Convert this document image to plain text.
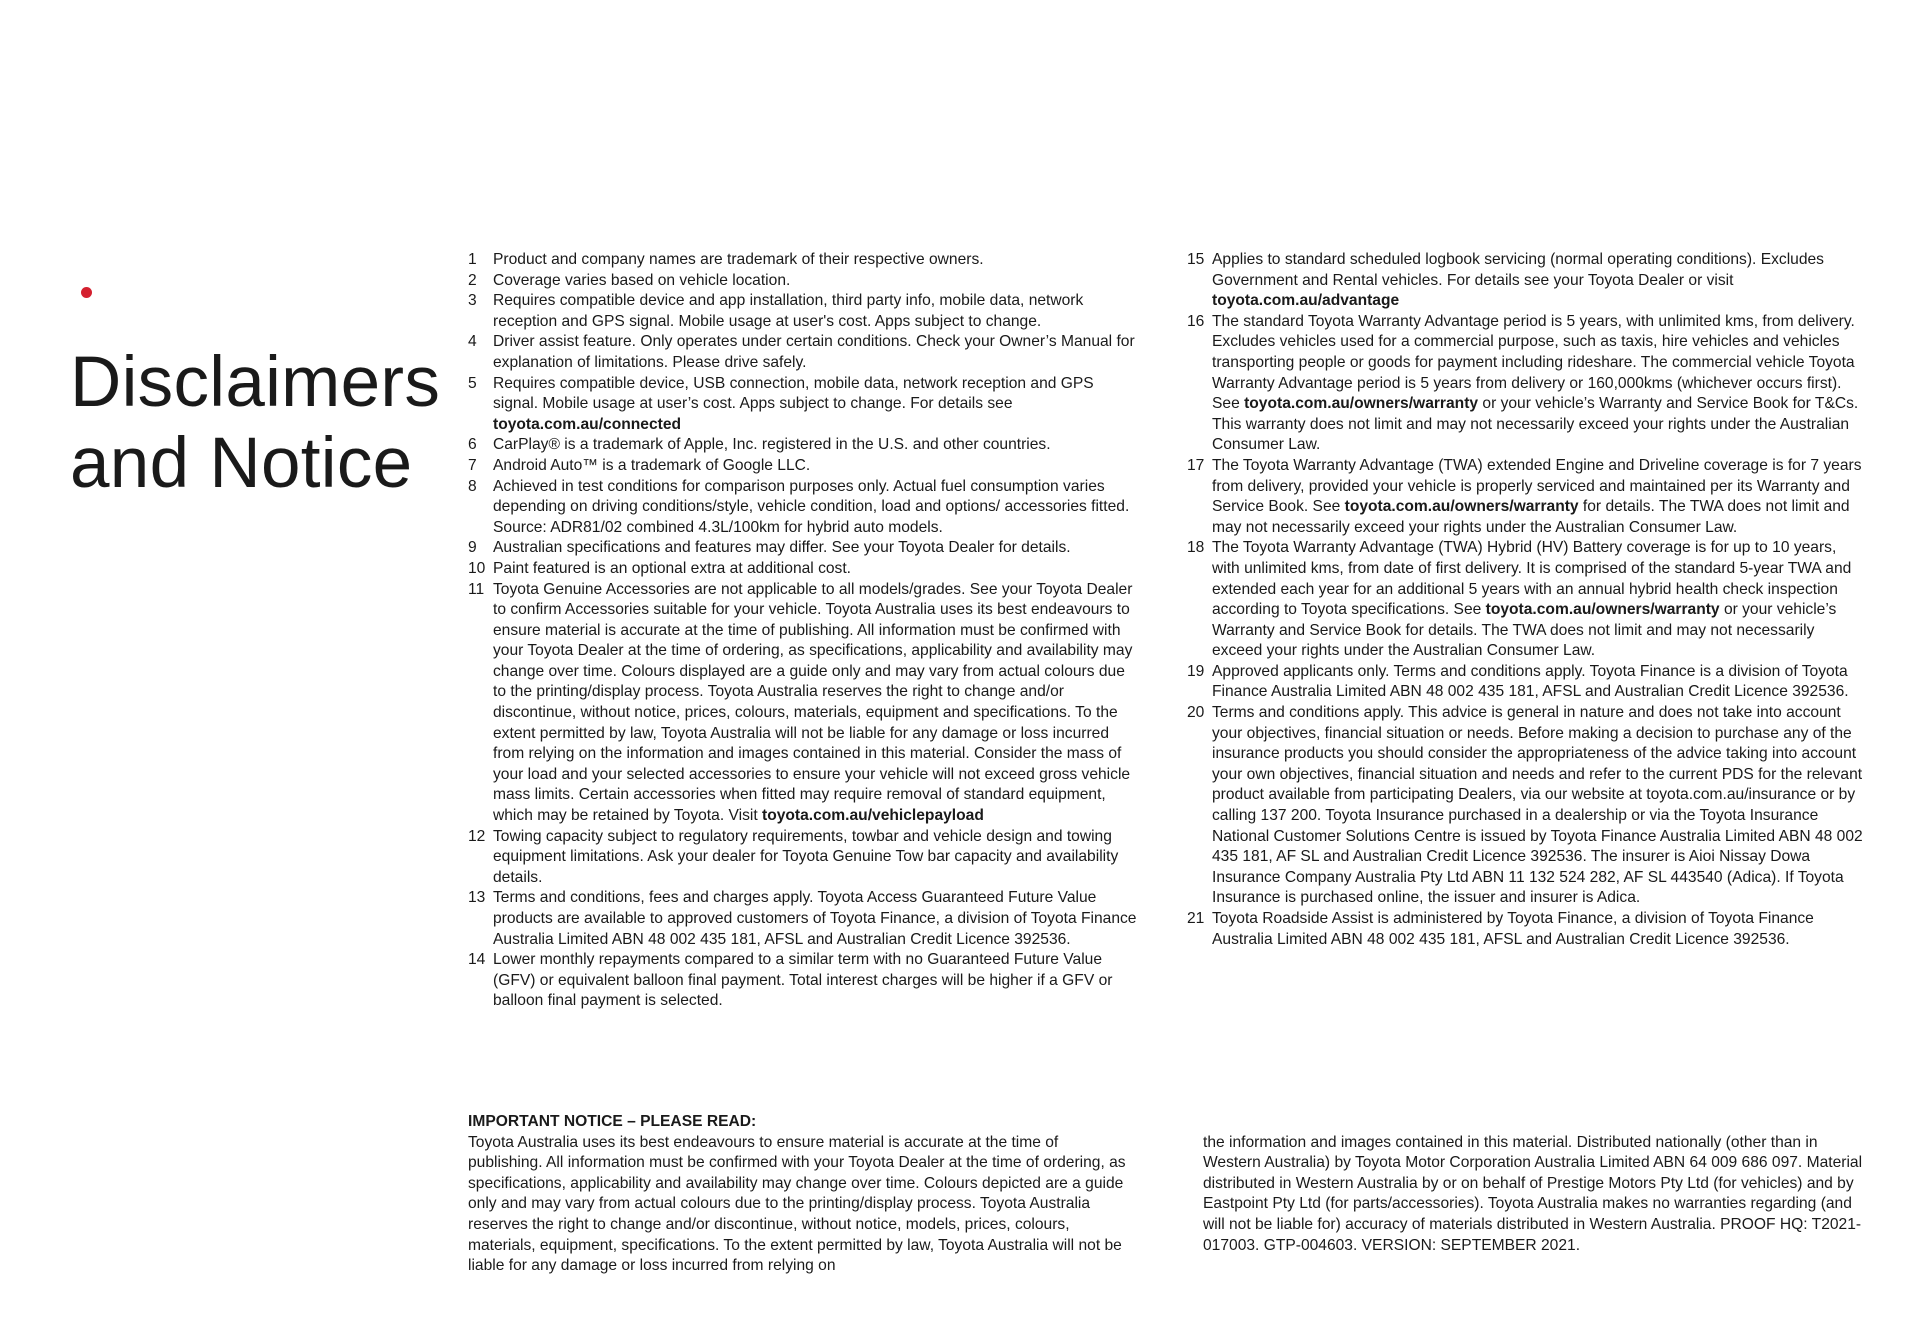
Disclaimers
and Notice

1	Product and company names are trademark of their respective owners.

2	Coverage varies based on vehicle location.

3	Requires compatible device and app installation, third party info, mobile data, network reception and GPS signal. Mobile usage at user's cost. Apps subject to change.

4	Driver assist feature. Only operates under certain conditions. Check your Owner’s Manual for explanation of limitations. Please drive safely.

5	Requires compatible device, USB connection, mobile data, network reception and GPS signal. Mobile usage at user’s cost. Apps subject to change. For details see toyota.com.au/connected

6	CarPlay® is a trademark of Apple, Inc. registered in the U.S. and other countries.

7	Android Auto™ is a trademark of Google LLC.

8	Achieved in test conditions for comparison purposes only. Actual fuel consumption varies depending on driving conditions/style, vehicle condition, load and options/ accessories fitted. Source: ADR81/02 combined 4.3L/100km for hybrid auto models.

9	Australian specifications and features may differ. See your Toyota Dealer for details.

10 Paint featured is an optional extra at additional cost.

11 Toyota Genuine Accessories are not applicable to all models/grades. See your Toyota Dealer to confirm Accessories suitable for your vehicle. Toyota Australia uses its best endeavours to ensure material is accurate at the time of publishing. All information must be confirmed with your Toyota Dealer at the time of ordering, as specifications, applicability and availability may change over time. Colours displayed are a guide only and may vary from actual colours due to the printing/display process. Toyota Australia reserves the right to change and/or discontinue, without notice, prices, colours, materials, equipment and specifications. To the extent permitted by law, Toyota Australia will not be liable for any damage or loss incurred from relying on the information and images contained in this material. Consider the mass of your load and your selected accessories to ensure your vehicle will not exceed gross vehicle mass limits. Certain accessories when fitted may require removal of standard equipment, which may be retained by Toyota. Visit toyota.com.au/vehiclepayload

12 Towing capacity subject to regulatory requirements, towbar and vehicle design and towing equipment limitations. Ask your dealer for Toyota Genuine Tow bar capacity and availability details.

13 Terms and conditions, fees and charges apply. Toyota Access Guaranteed Future Value products are available to approved customers of Toyota Finance, a division of Toyota Finance Australia Limited ABN 48 002 435 181, AFSL and Australian Credit Licence 392536.

14 Lower monthly repayments compared to a similar term with no Guaranteed Future Value (GFV) or equivalent balloon final payment. Total interest charges will be higher if a GFV or balloon final payment is selected.

15 Applies to standard scheduled logbook servicing (normal operating conditions). Excludes Government and Rental vehicles. For details see your Toyota Dealer or visit toyota.com.au/advantage

16 The standard Toyota Warranty Advantage period is 5 years, with unlimited kms, from delivery. Excludes vehicles used for a commercial purpose, such as taxis, hire vehicles and vehicles transporting people or goods for payment including rideshare. The commercial vehicle Toyota Warranty Advantage period is 5 years from delivery or 160,000kms (whichever occurs first). See toyota.com.au/owners/warranty or your vehicle’s Warranty and Service Book for T&Cs. This warranty does not limit and may not necessarily exceed your rights under the Australian Consumer Law.

17 The Toyota Warranty Advantage (TWA) extended Engine and Driveline coverage is for 7 years from delivery, provided your vehicle is properly serviced and maintained per its Warranty and Service Book. See toyota.com.au/owners/warranty for details. The TWA does not limit and may not necessarily exceed your rights under the Australian Consumer Law.

18 The Toyota Warranty Advantage (TWA) Hybrid (HV) Battery coverage is for up to 10 years, with unlimited kms, from date of first delivery. It is comprised of the standard 5-year TWA and extended each year for an additional 5 years with an annual hybrid health check inspection according to Toyota specifications. See toyota.com.au/owners/warranty or your vehicle’s Warranty and Service Book for details. The TWA does not limit and may not necessarily exceed your rights under the Australian Consumer Law.

19 Approved applicants only. Terms and conditions apply. Toyota Finance is a division of Toyota Finance Australia Limited ABN 48 002 435 181, AFSL and Australian Credit Licence 392536.

20 Terms and conditions apply. This advice is general in nature and does not take into account your objectives, financial situation or needs. Before making a decision to purchase any of the insurance products you should consider the appropriateness of the advice taking into account your own objectives, financial situation and needs and refer to the current PDS for the relevant product available from participating Dealers, via our website at toyota.com.au/insurance or by calling 137 200. Toyota Insurance purchased in a dealership or via the Toyota Insurance National Customer Solutions Centre is issued by Toyota Finance Australia Limited ABN 48 002 435 181, AF SL and Australian Credit Licence 392536. The insurer is Aioi Nissay Dowa Insurance Company Australia Pty Ltd ABN 11 132 524 282, AF SL 443540 (Adica). If Toyota Insurance is purchased online, the issuer and insurer is Adica.

21 Toyota Roadside Assist is administered by Toyota Finance, a division of Toyota Finance Australia Limited ABN 48 002 435 181, AFSL and Australian Credit Licence 392536.

IMPORTANT NOTICE – PLEASE READ:

Toyota Australia uses its best endeavours to ensure material is accurate at the time of publishing. All information must be confirmed with your Toyota Dealer at the time of ordering, as specifications, applicability and availability may change over time. Colours depicted are a guide only and may vary from actual colours due to the printing/display process. Toyota Australia reserves the right to change and/or discontinue, without notice, models, prices, colours, materials, equipment, specifications. To the extent permitted by law, Toyota Australia will not be liable for any damage or loss incurred from relying on

the information and images contained in this material. Distributed nationally (other than in Western Australia) by Toyota Motor Corporation Australia Limited ABN 64 009 686 097. Material distributed in Western Australia by or on behalf of Prestige Motors Pty Ltd (for vehicles) and by Eastpoint Pty Ltd (for parts/accessories). Toyota Australia makes no warranties regarding (and will not be liable for) accuracy of materials distributed in Western Australia. PROOF HQ: T2021-017003. GTP-004603. VERSION: SEPTEMBER 2021.
